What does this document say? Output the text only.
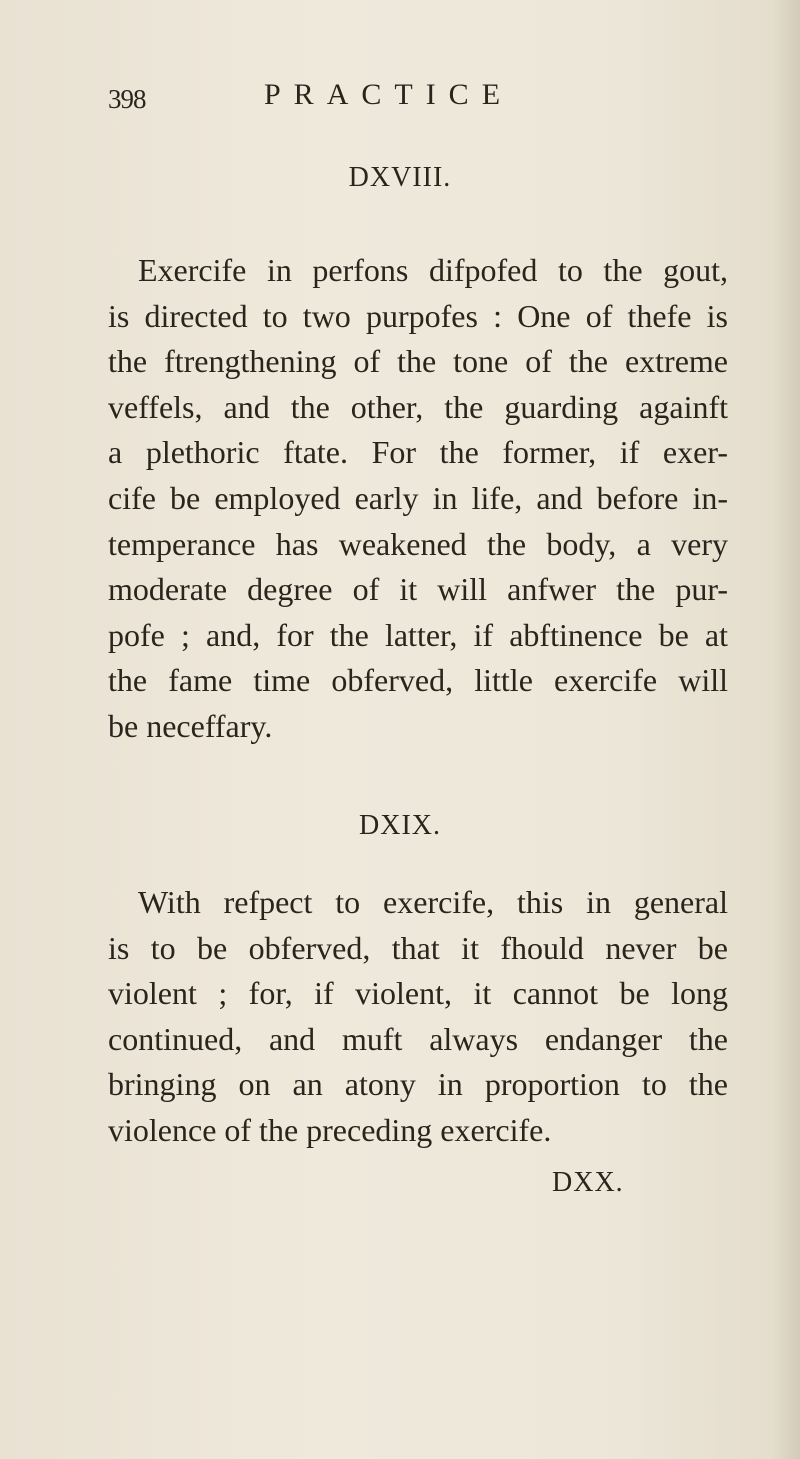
398	PRACTICE
DXVIII.
Exercife in perfons difpofed to the gout,
is directed to two purpofes : One of thefe is
the ftrengthening of the tone of the extreme
veffels, and the other, the guarding againft
a plethoric ftate. For the former, if exer-
cife be employed early in life, and before in-
temperance has weakened the body, a very
moderate degree of it will anfwer the pur-
pofe ; and, for the latter, if abftinence be at
the fame time obferved, little exercife will
be neceffary.
DXIX.
With refpect to exercife, this in general
is to be obferved, that it fhould never be
violent ; for, if violent, it cannot be long
continued, and muft always endanger the
bringing on an atony in proportion to the
violence of the preceding exercife.
DXX.
